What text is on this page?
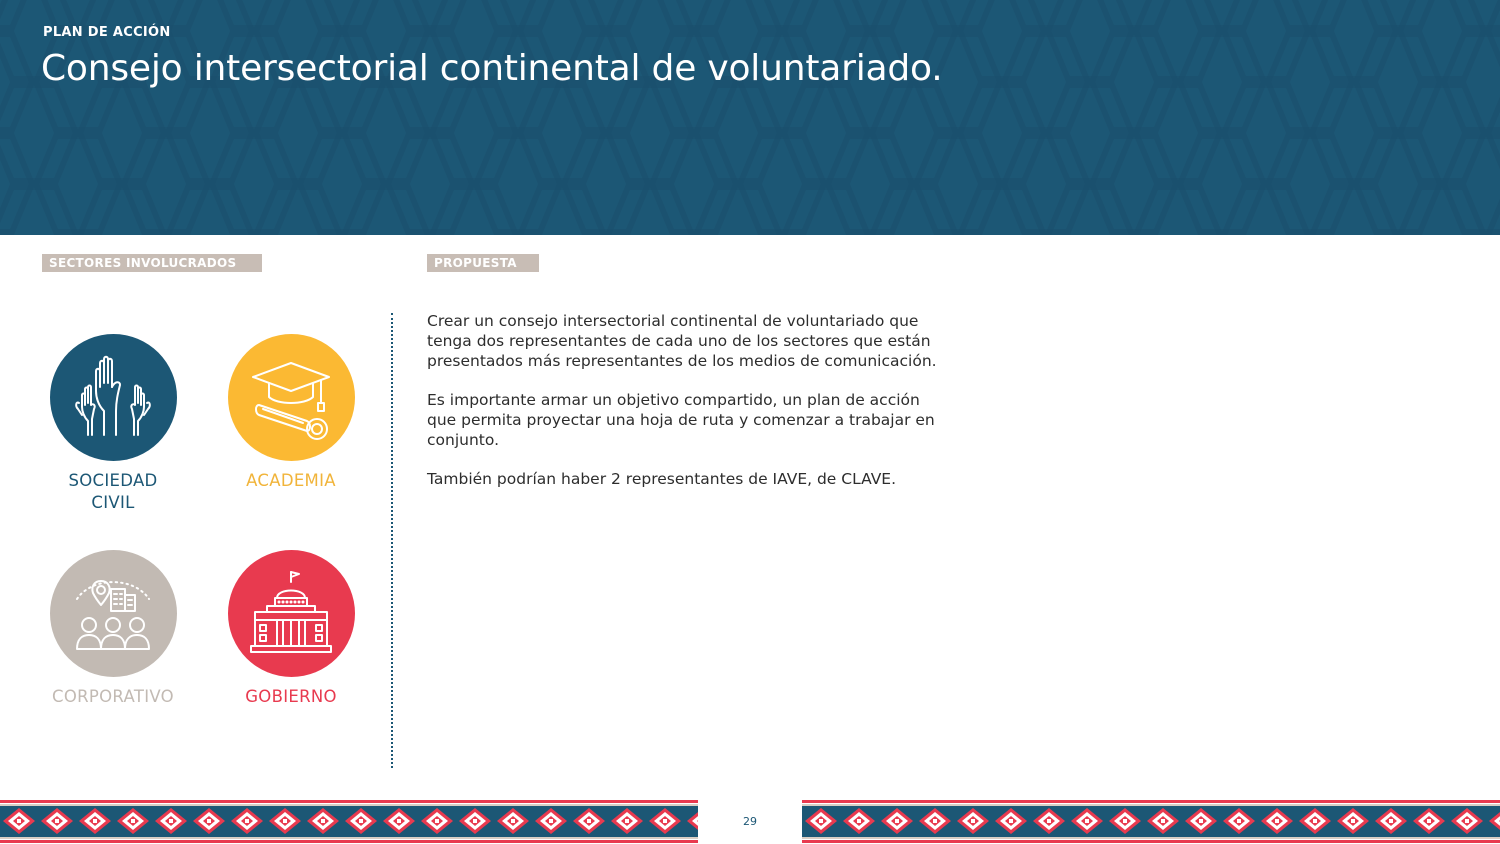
PLAN DE ACCIÓN
Consejo intersectorial continental de voluntariado.
SECTORES INVOLUCRADOS	PROPUESTA
SOCIEDAD
CIVIL
ACADEMIA
CORPORATIVO	GOBIERNO

Crear un consejo intersectorial continental de voluntariado que tenga dos representantes de cada uno de los sectores que están presentados más representantes de los medios de comunicación.

Es importante armar un objetivo compartido, un plan de acción que permita proyectar una hoja de ruta y comenzar a trabajar en conjunto.

También podrían haber 2 representantes de IAVE, de CLAVE.

29
